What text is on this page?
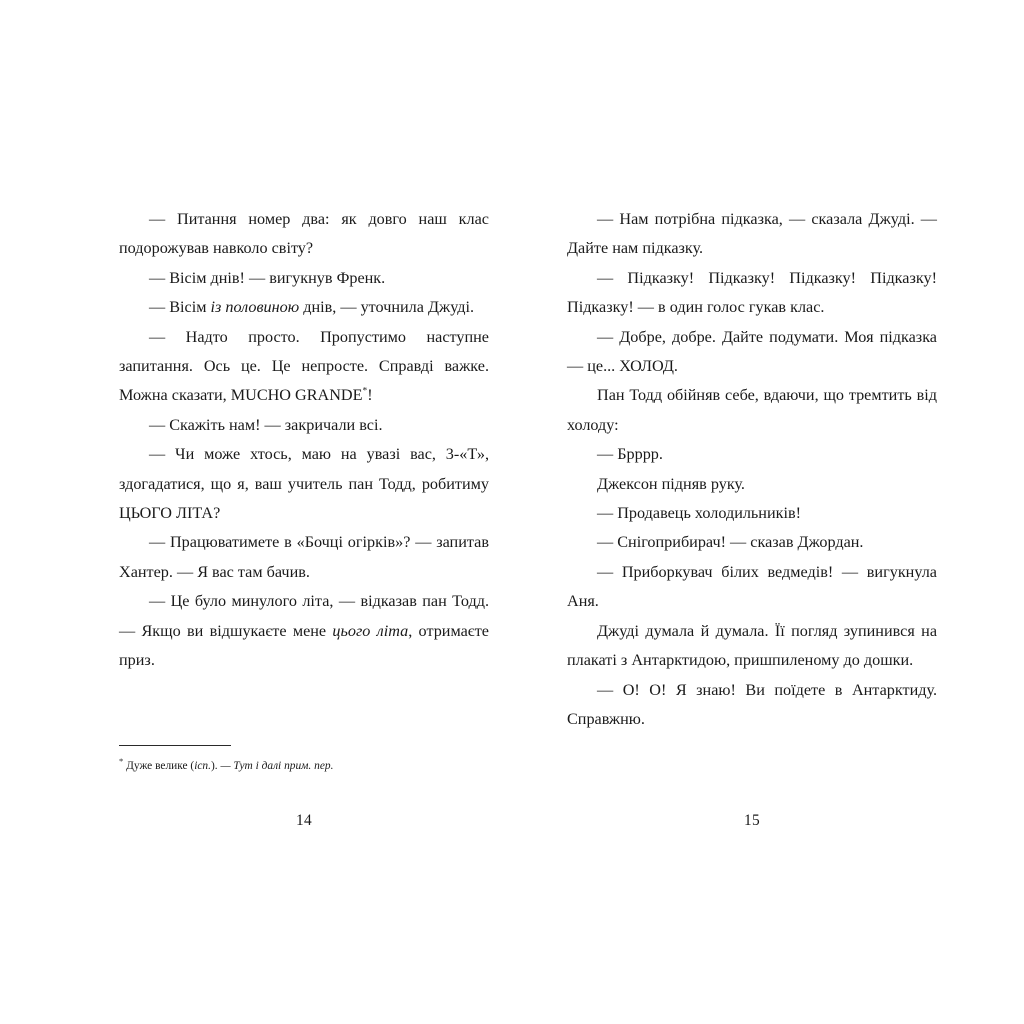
— Питання номер два: як довго наш клас подорожував навколо світу?

— Вісім днів! — вигукнув Френк.

— Вісім із половиною днів, — уточнила Джуді.

— Надто просто. Пропустимо наступне запитання. Ось це. Це непросте. Справді важке. Можна сказати, MUCHO GRANDE*!

— Скажіть нам! — закричали всі.

— Чи може хтось, маю на увазі вас, 3-«Т», здогадатися, що я, ваш учитель пан Тодд, робитиму ЦЬОГО ЛІТА?

— Працюватимете в «Бочці огірків»? — запитав Хантер. — Я вас там бачив.

— Це було минулого літа, — відказав пан Тодд. — Якщо ви відшукаєте мене цього літа, отримаєте приз.

* Дуже велике (ісп.). — Тут і далі прим. пер.

14

— Нам потрібна підказка, — сказала Джуді. — Дайте нам підказку.

— Підказку! Підказку! Підказку! Підказку! Підказку! — в один голос гукав клас.

— Добре, добре. Дайте подумати. Моя підказка — це... ХОЛОД.

Пан Тодд обійняв себе, вдаючи, що тремтить від холоду:

— Брррр.

Джексон підняв руку.

— Продавець холодильників!

— Снігоприбирач! — сказав Джордан.

— Приборкувач білих ведмедів! — вигукнула Аня.

Джуді думала й думала. Її погляд зупинився на плакаті з Антарктидою, пришпиленому до дошки.

— О! О! Я знаю! Ви поїдете в Антарктиду. Справжню.

15
